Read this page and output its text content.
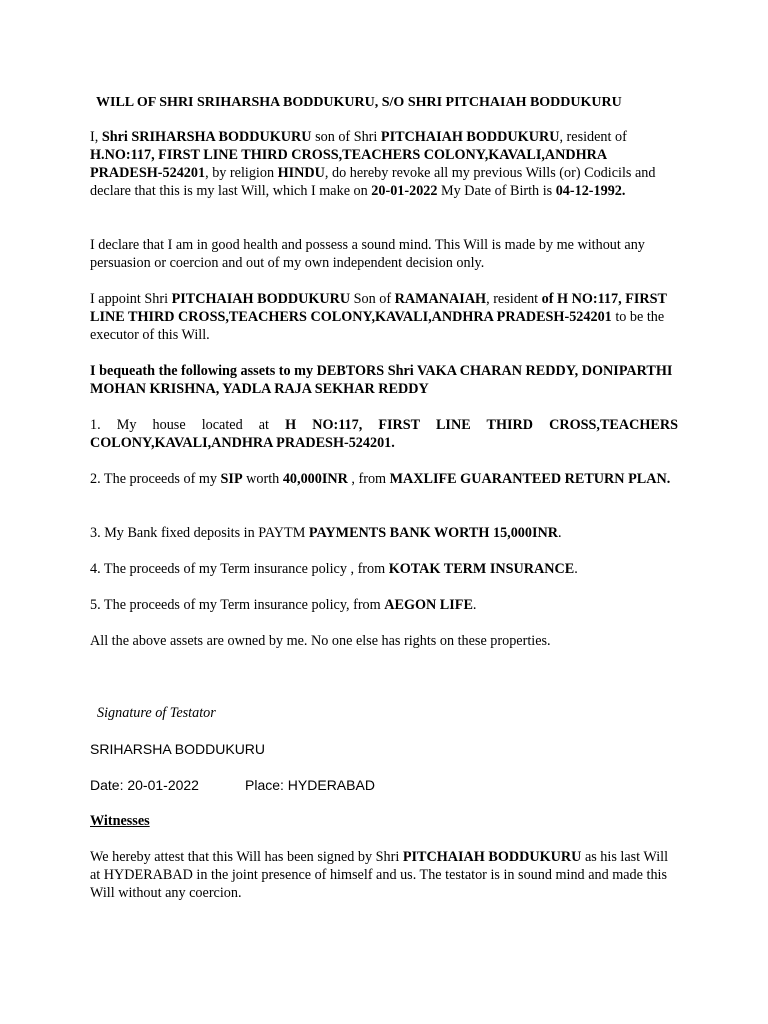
WILL OF SHRI SRIHARSHA BODDUKURU, S/O SHRI PITCHAIAH BODDUKURU

I, Shri SRIHARSHA BODDUKURU son of Shri PITCHAIAH BODDUKURU, resident of H.NO:117, FIRST LINE THIRD CROSS,TEACHERS COLONY,KAVALI,ANDHRA PRADESH-524201, by religion HINDU, do hereby revoke all my previous Wills (or) Codicils and declare that this is my last Will, which I make on 20-01-2022 My Date of Birth is 04-12-1992.

I declare that I am in good health and possess a sound mind. This Will is made by me without any persuasion or coercion and out of my own independent decision only.

I appoint Shri PITCHAIAH BODDUKURU Son of RAMANAIAH, resident of H NO:117, FIRST LINE THIRD CROSS,TEACHERS COLONY,KAVALI,ANDHRA PRADESH-524201 to be the executor of this Will.

I bequeath the following assets to my DEBTORS Shri VAKA CHARAN REDDY, DONIPARTHI MOHAN KRISHNA, YADLA RAJA SEKHAR REDDY

1. My house located at H NO:117, FIRST LINE THIRD CROSS,TEACHERS COLONY,KAVALI,ANDHRA PRADESH-524201.

2. The proceeds of my SIP worth 40,000INR , from MAXLIFE GUARANTEED RETURN PLAN.

3. My Bank fixed deposits in PAYTM PAYMENTS BANK WORTH 15,000INR.

4. The proceeds of my Term insurance policy , from KOTAK TERM INSURANCE.

5. The proceeds of my Term insurance policy, from AEGON LIFE.

All the above assets are owned by me. No one else has rights on these properties.

Signature of Testator

SRIHARSHA BODDUKURU

Date: 20-01-2022	Place: HYDERABAD

Witnesses

We hereby attest that this Will has been signed by Shri PITCHAIAH BODDUKURU as his last Will at HYDERABAD in the joint presence of himself and us. The testator is in sound mind and made this Will without any coercion.
